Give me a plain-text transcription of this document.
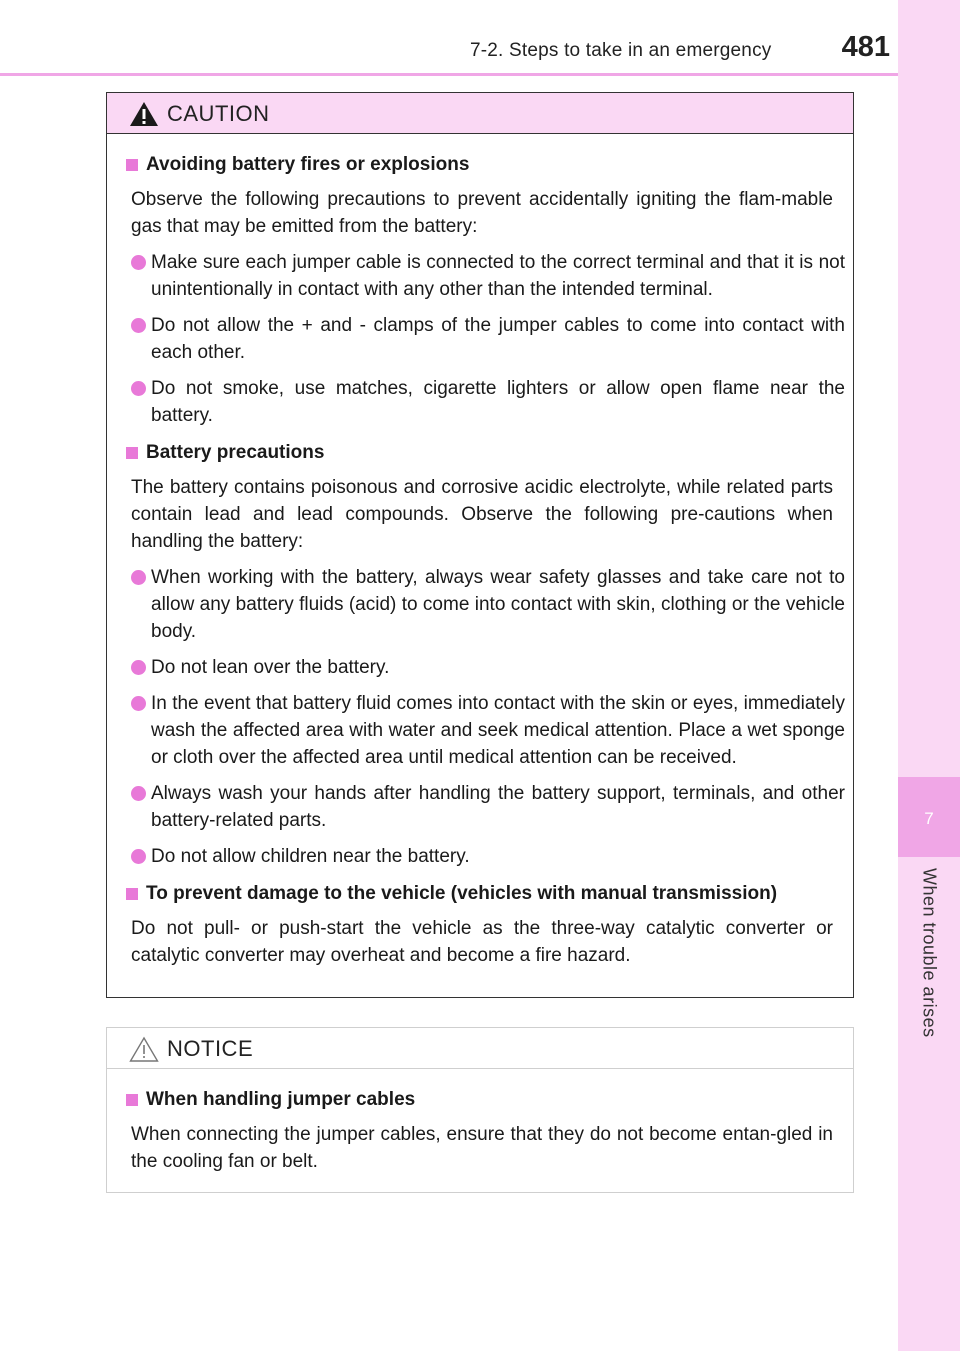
7-2. Steps to take in an emergency	481
7
When trouble arises
CAUTION
Avoiding battery fires or explosions
Observe the following precautions to prevent accidentally igniting the flam-mable gas that may be emitted from the battery:
Make sure each jumper cable is connected to the correct terminal and that it is not unintentionally in contact with any other than the intended terminal.
Do not allow the + and - clamps of the jumper cables to come into contact with each other.
Do not smoke, use matches, cigarette lighters or allow open flame near the battery.
Battery precautions
The battery contains poisonous and corrosive acidic electrolyte, while related parts contain lead and lead compounds. Observe the following pre-cautions when handling the battery:
When working with the battery, always wear safety glasses and take care not to allow any battery fluids (acid) to come into contact with skin, clothing or the vehicle body.
Do not lean over the battery.
In the event that battery fluid comes into contact with the skin or eyes, immediately wash the affected area with water and seek medical attention. Place a wet sponge or cloth over the affected area until medical attention can be received.
Always wash your hands after handling the battery support, terminals, and other battery-related parts.
Do not allow children near the battery.
To prevent damage to the vehicle (vehicles with manual transmission)
Do not pull- or push-start the vehicle as the three-way catalytic converter or catalytic converter may overheat and become a fire hazard.
NOTICE
When handling jumper cables
When connecting the jumper cables, ensure that they do not become entan-gled in the cooling fan or belt.
